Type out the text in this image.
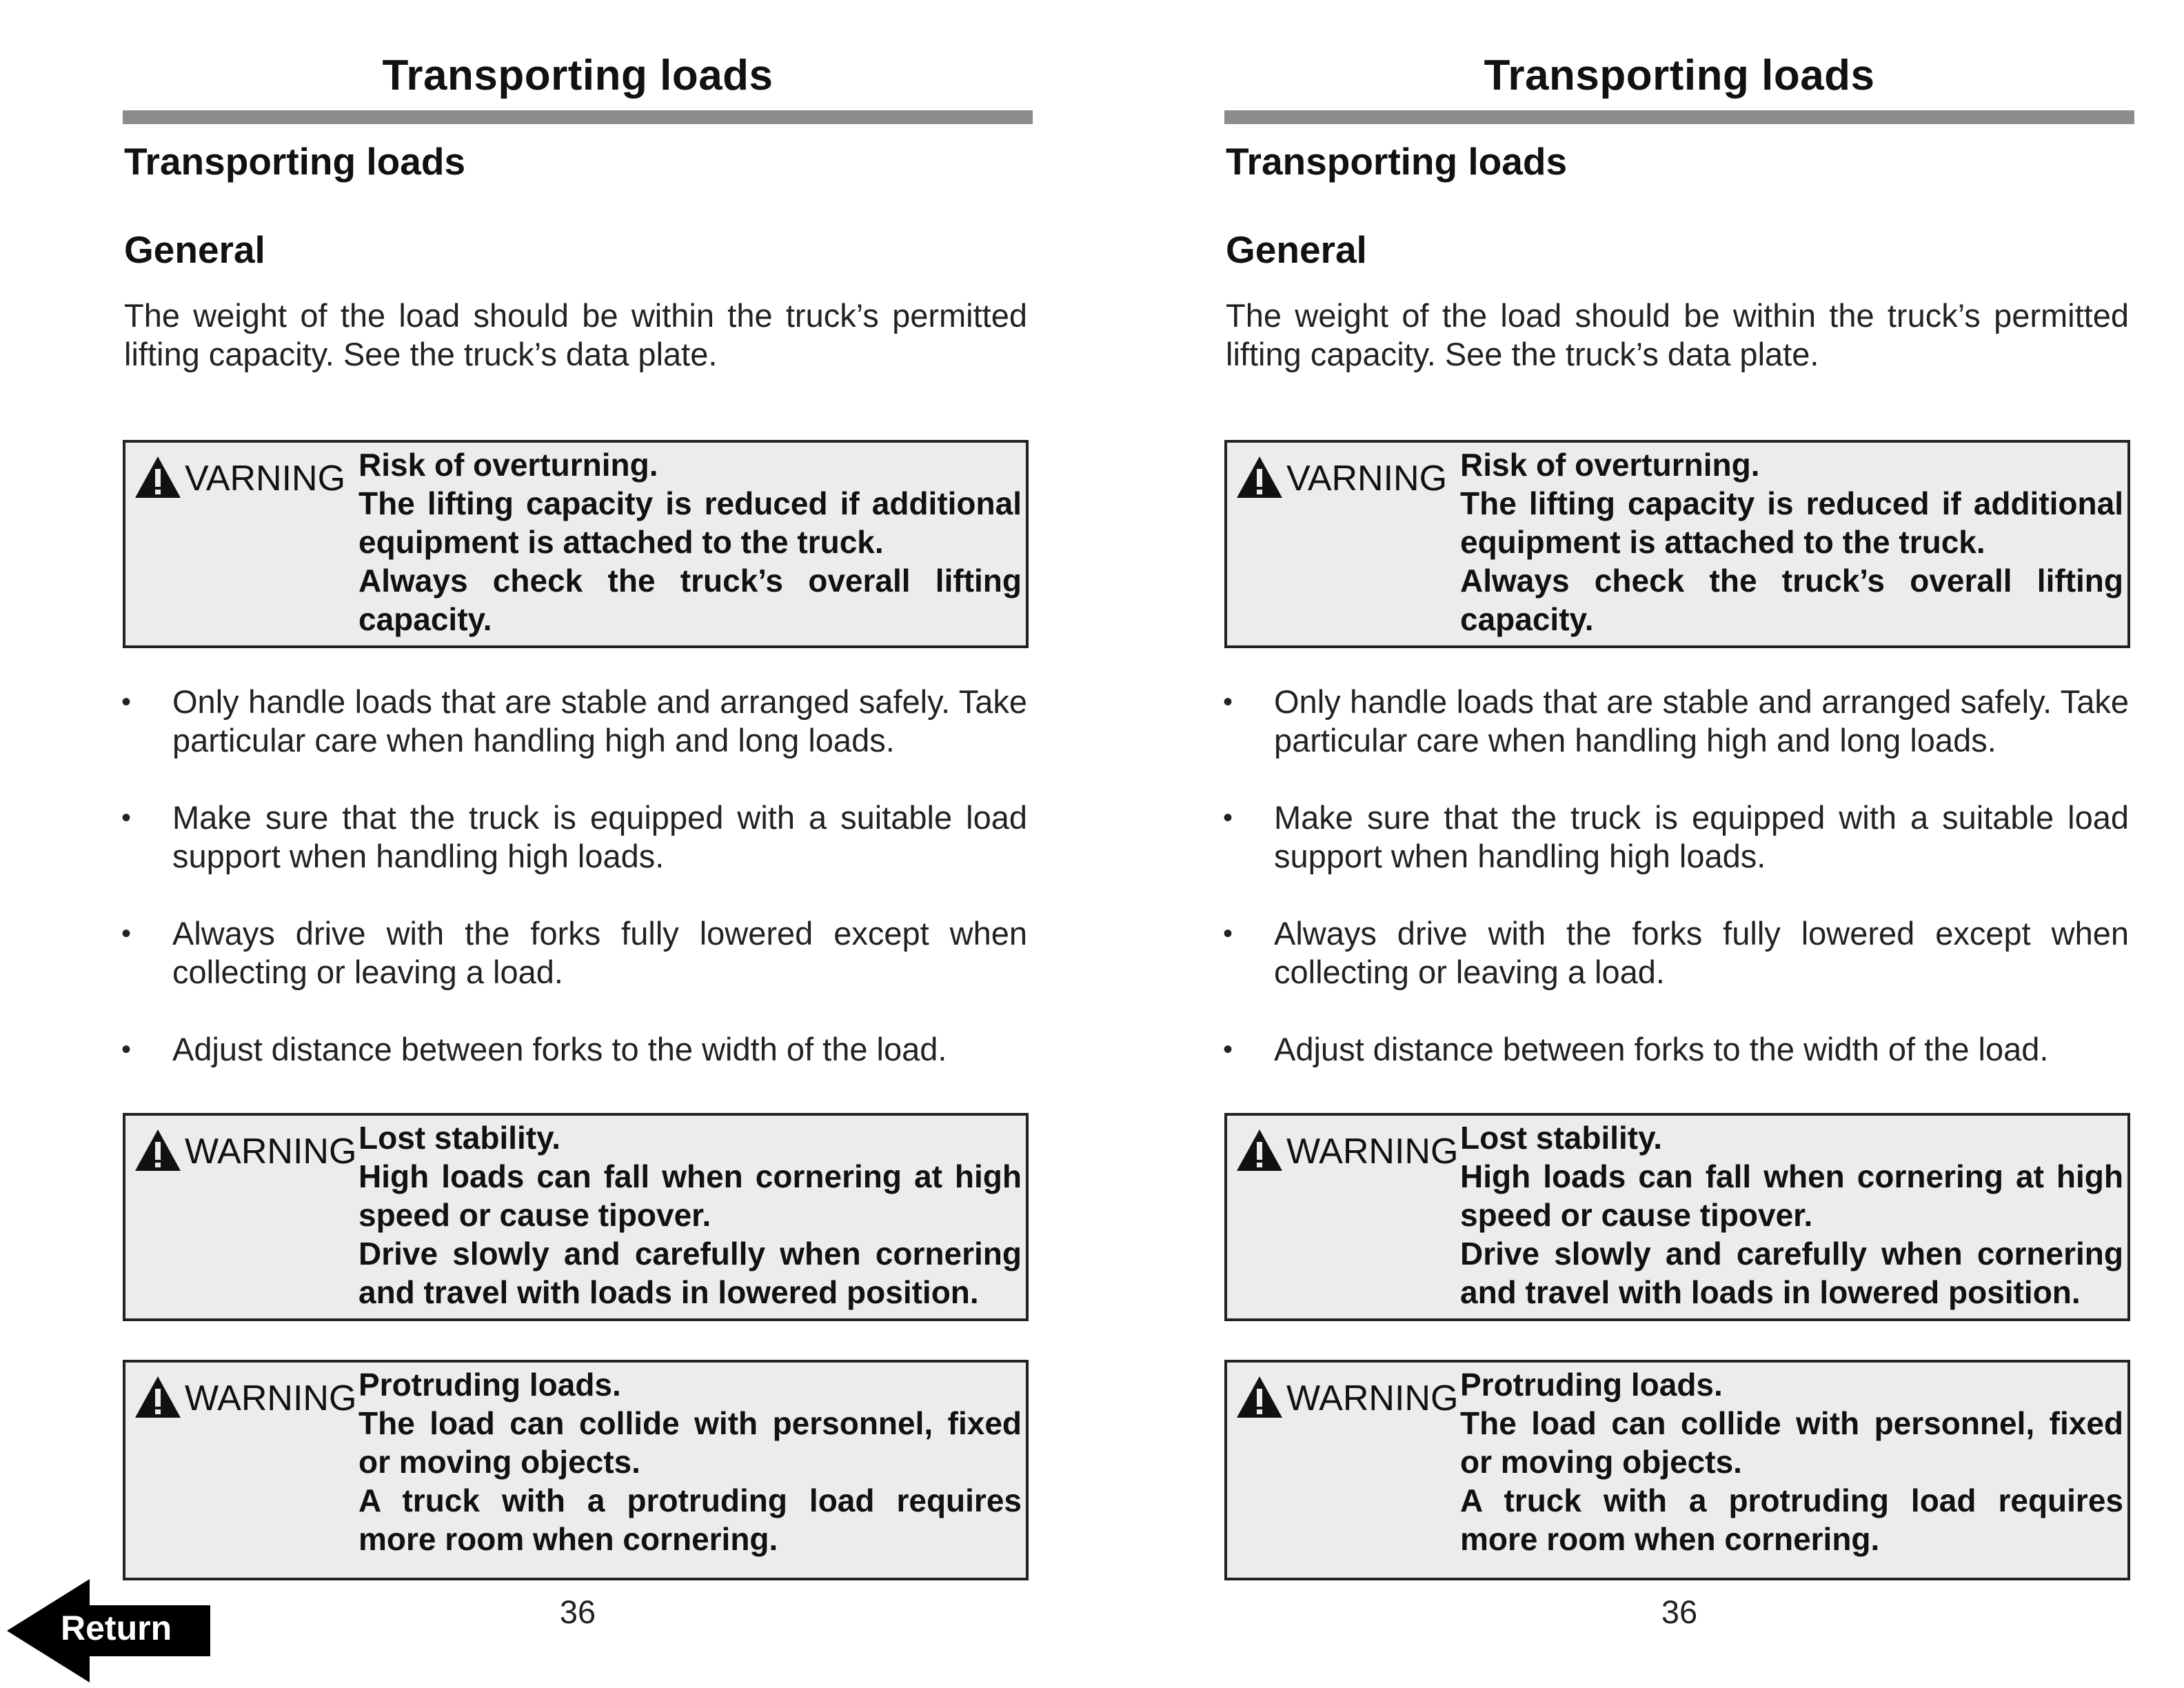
Transporting loads
Transporting loads
General
The weight of the load should be within the truck’s permitted lifting capacity. See the truck’s data plate.
VARNING Risk of overturning.
The lifting capacity is reduced if additional equipment is attached to the truck.
Always check the truck’s overall lifting capacity.
•	Only handle loads that are stable and arranged safely. Take particular care when handling high and long loads.
•	Make sure that the truck is equipped with a suitable load support when handling high loads.
•	Always drive with the forks fully lowered except when collecting or leaving a load.
•	Adjust distance between forks to the width of the load.
WARNING Lost stability.
High loads can fall when cornering at high speed or cause tipover.
Drive slowly and carefully when cornering and travel with loads in lowered position.
WARNING Protruding loads.
The load can collide with personnel, fixed or moving objects.
A truck with a protruding load requires more room when cornering.
36
Transporting loads
Transporting loads
General
The weight of the load should be within the truck’s permitted lifting capacity. See the truck’s data plate.
VARNING Risk of overturning.
The lifting capacity is reduced if additional equipment is attached to the truck.
Always check the truck’s overall lifting capacity.
•	Only handle loads that are stable and arranged safely. Take particular care when handling high and long loads.
•	Make sure that the truck is equipped with a suitable load support when handling high loads.
•	Always drive with the forks fully lowered except when collecting or leaving a load.
•	Adjust distance between forks to the width of the load.
WARNING Lost stability.
High loads can fall when cornering at high speed or cause tipover.
Drive slowly and carefully when cornering and travel with loads in lowered position.
WARNING Protruding loads.
The load can collide with personnel, fixed or moving objects.
A truck with a protruding load requires more room when cornering.
36
Return
